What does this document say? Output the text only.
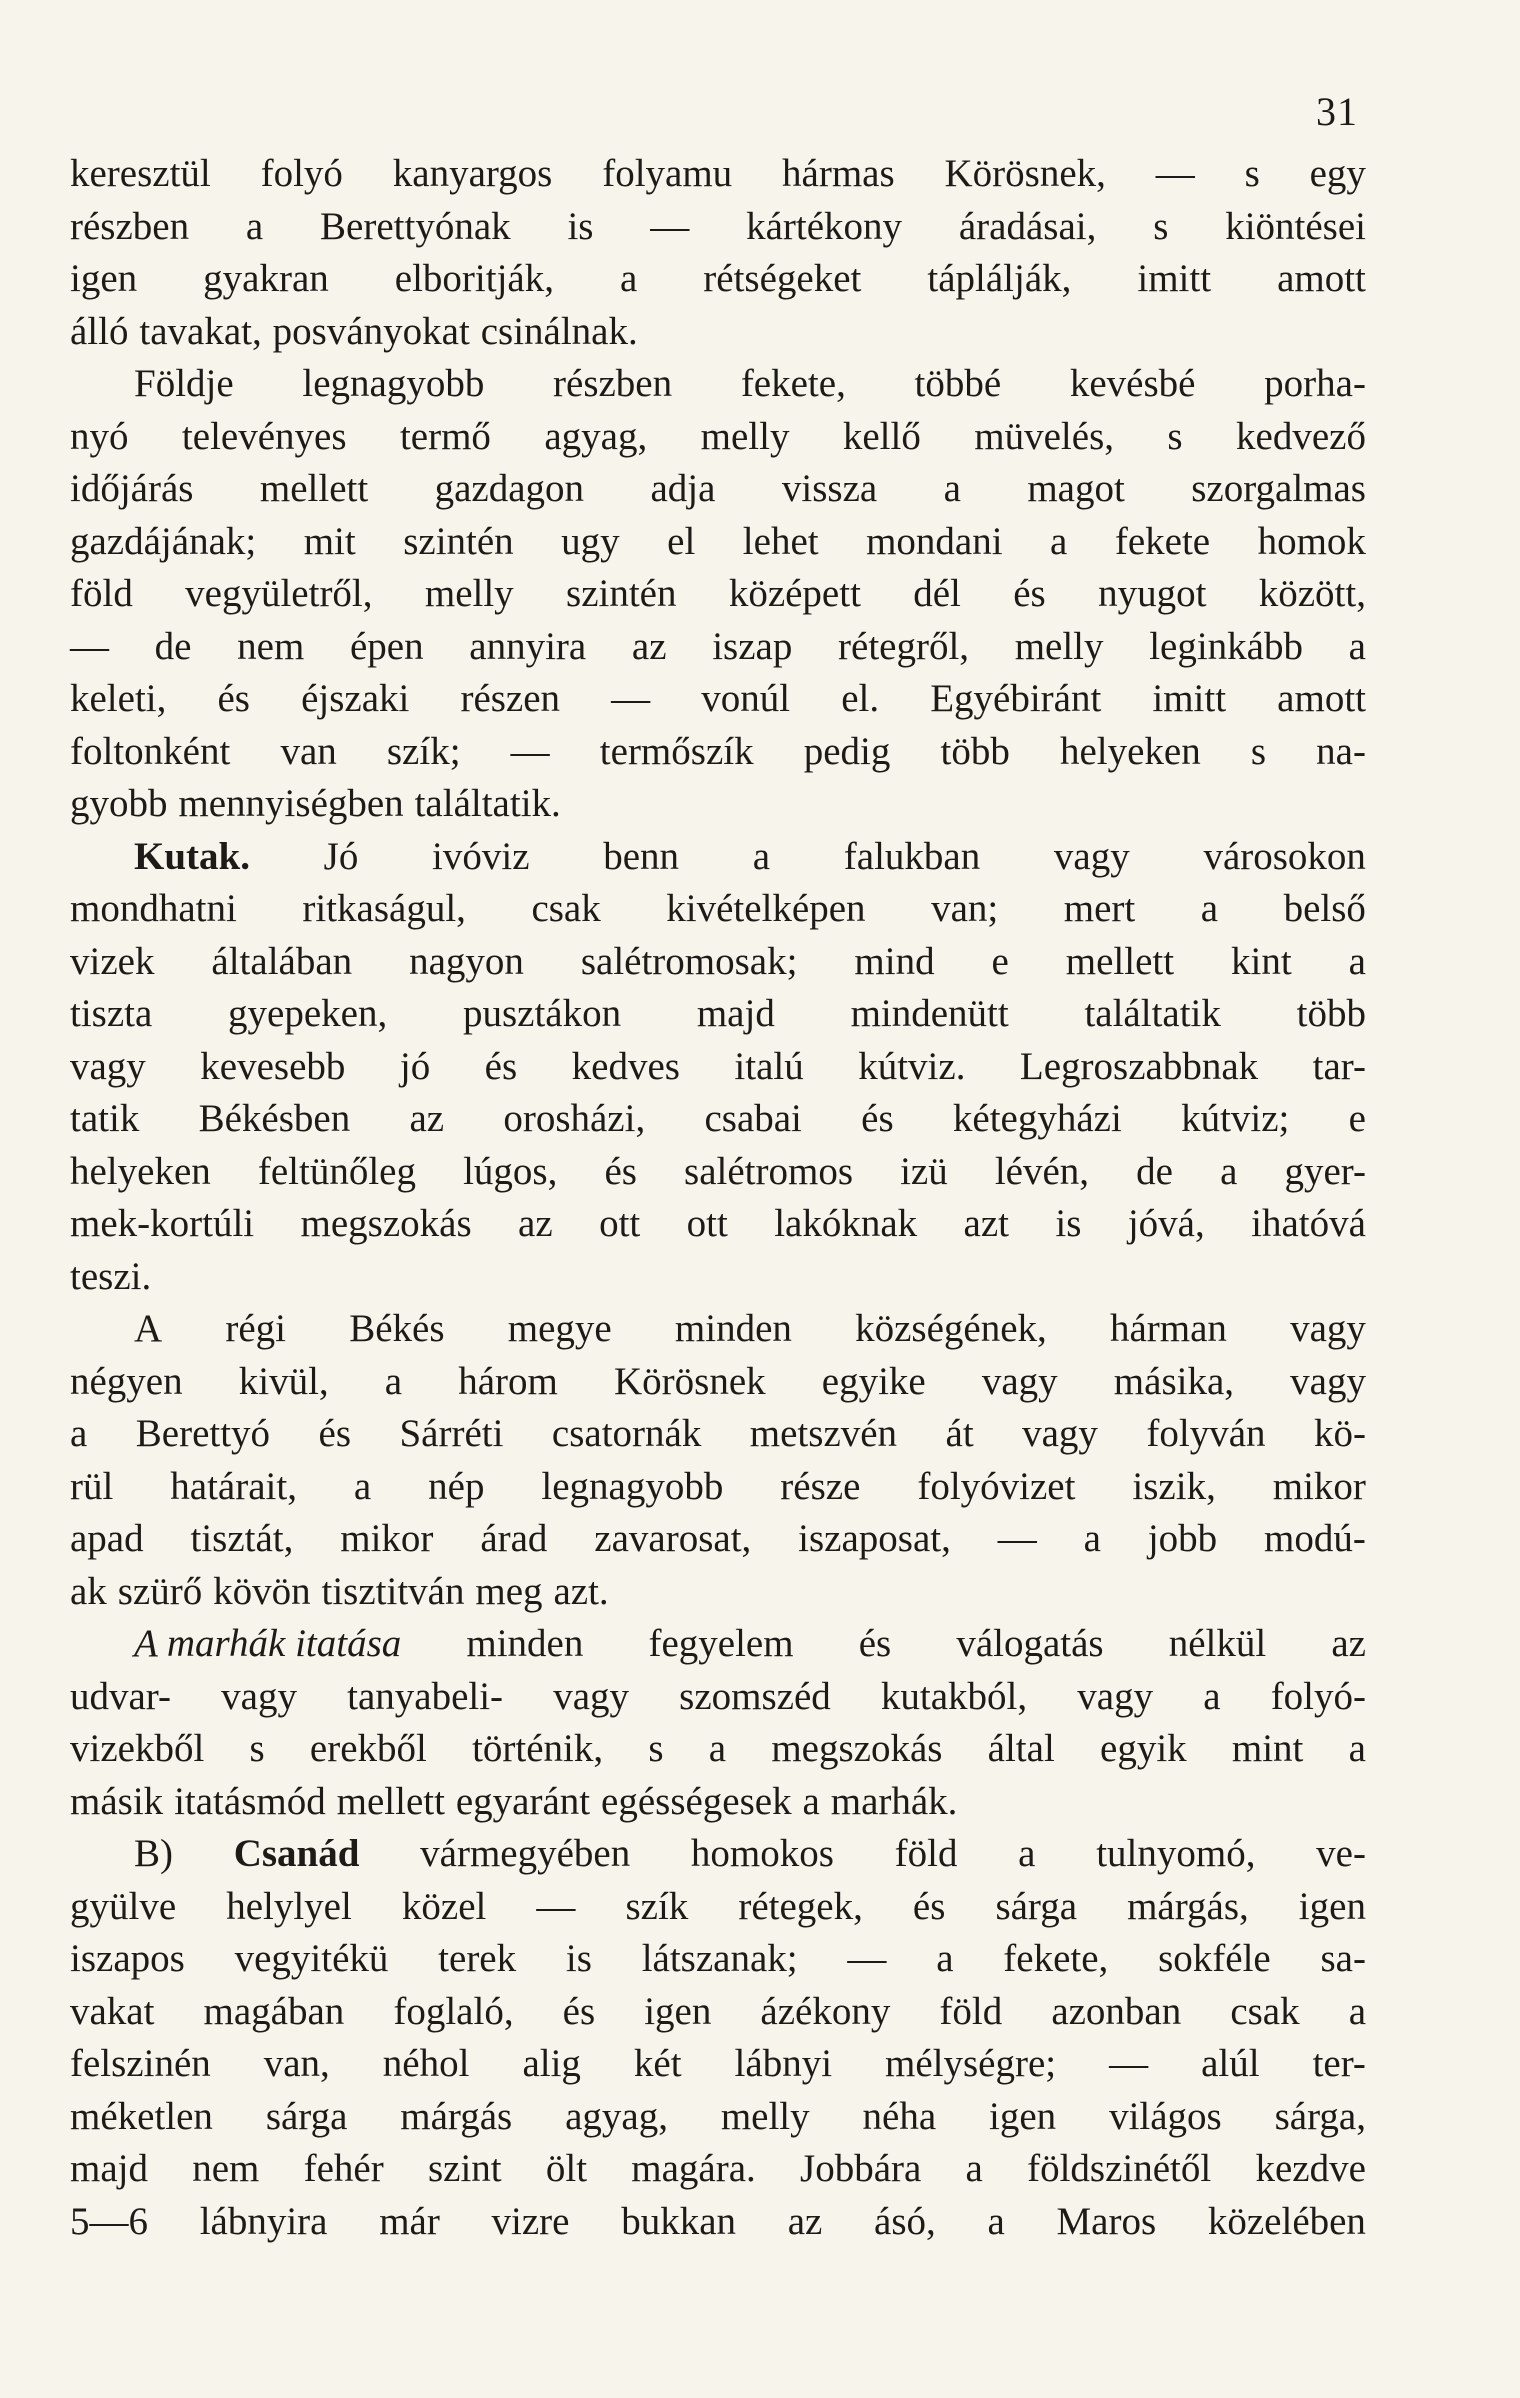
31
keresztül folyó kanyargos folyamu hármas Körösnek, — s egy
részben a Berettyónak is — kártékony áradásai, s kiöntései
igen gyakran elboritják, a rétségeket táplálják, imitt amott
álló tavakat, posványokat csinálnak.
Földje legnagyobb részben fekete, többé kevésbé porha-
nyó televényes termő agyag, melly kellő müvelés, s kedvező
időjárás mellett gazdagon adja vissza a magot szorgalmas
gazdájának; mit szintén ugy el lehet mondani a fekete homok
föld vegyületről, melly szintén középett dél és nyugot között,
— de nem épen annyira az iszap rétegről, melly leginkább a
keleti, és éjszaki részen — vonúl el. Egyébiránt imitt amott
foltonként van szík; — termőszík pedig több helyeken s na-
gyobb mennyiségben találtatik.
Kutak. Jó ivóviz benn a falukban vagy városokon
mondhatni ritkaságul, csak kivételképen van; mert a belső
vizek általában nagyon salétromosak; mind e mellett kint a
tiszta gyepeken, pusztákon majd mindenütt találtatik több
vagy kevesebb jó és kedves italú kútviz. Legroszabbnak tar-
tatik Békésben az orosházi, csabai és kétegyházi kútviz; e
helyeken feltünőleg lúgos, és salétromos izü lévén, de a gyer-
mek-kortúli megszokás az ott ott lakóknak azt is jóvá, ihatóvá
teszi.
A régi Békés megye minden községének, hárman vagy
négyen kivül, a három Körösnek egyike vagy másika, vagy
a Berettyó és Sárréti csatornák metszvén át vagy folyván kö-
rül határait, a nép legnagyobb része folyóvizet iszik, mikor
apad tisztát, mikor árad zavarosat, iszaposat, — a jobb modú-
ak szürő kövön tisztitván meg azt.
A marhák itatása minden fegyelem és válogatás nélkül az
udvar- vagy tanyabeli- vagy szomszéd kutakból, vagy a folyó-
vizekből s erekből történik, s a megszokás által egyik mint a
másik itatásmód mellett egyaránt egésségesek a marhák.
B) Csanád vármegyében homokos föld a tulnyomó, ve-
gyülve helylyel közel — szík rétegek, és sárga márgás, igen
iszapos vegyitékü terek is látszanak; — a fekete, sokféle sa-
vakat magában foglaló, és igen ázékony föld azonban csak a
felszinén van, néhol alig két lábnyi mélységre; — alúl ter-
méketlen sárga márgás agyag, melly néha igen világos sárga,
majd nem fehér szint ölt magára. Jobbára a földszinétől kezdve
5—6 lábnyira már vizre bukkan az ásó, a Maros közelében
